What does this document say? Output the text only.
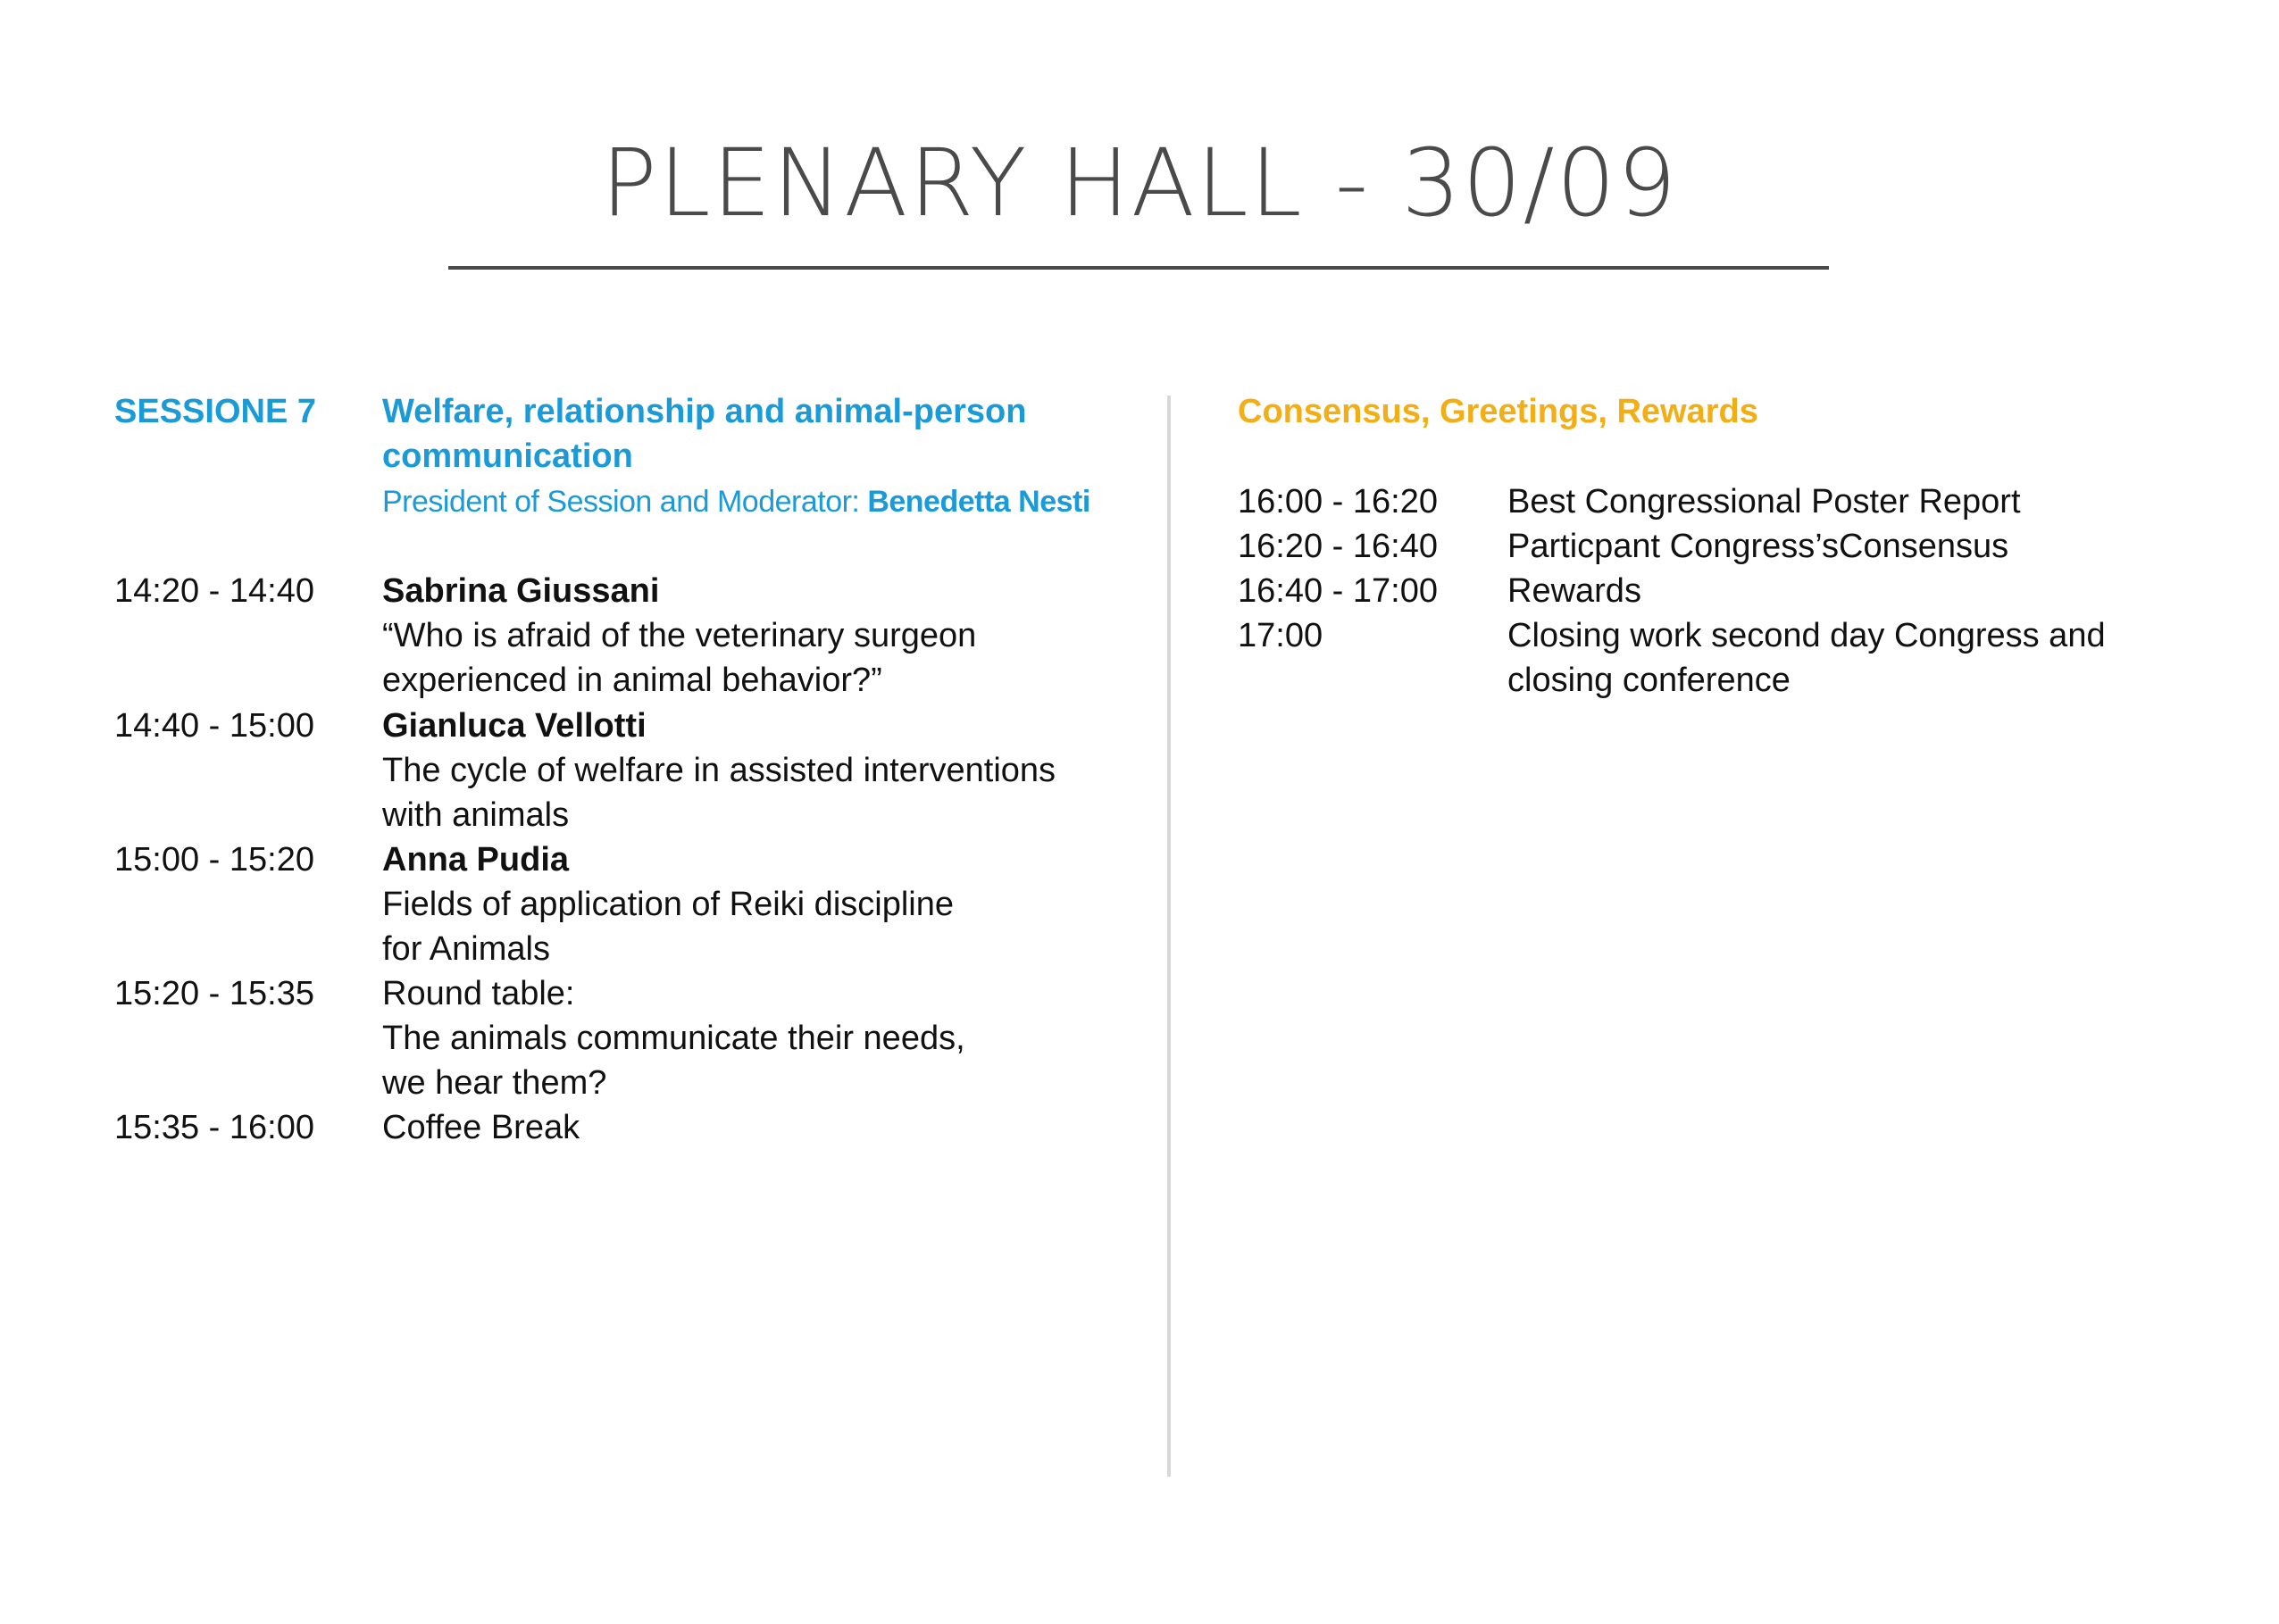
PLENARY HALL - 30/09
SESSIONE 7 Welfare, relationship and animal-person
communication
President of Session and Moderator: Benedetta Nesti
14:20 - 14:40 Sabrina Giussani
“Who is afraid of the veterinary surgeon
experienced in animal behavior?”
14:40 - 15:00 Gianluca Vellotti
The cycle of welfare in assisted interventions
with animals
15:00 - 15:20 Anna Pudia
Fields of application of Reiki discipline
for Animals
15:20 - 15:35 Round table:
The animals communicate their needs,
we hear them?
15:35 - 16:00 Coffee Break
Consensus, Greetings, Rewards
16:00 - 16:20 Best Congressional Poster Report
16:20 - 16:40 Particpant Congress’sConsensus
16:40 - 17:00 Rewards
17:00	Closing work second day Congress and
closing conference
